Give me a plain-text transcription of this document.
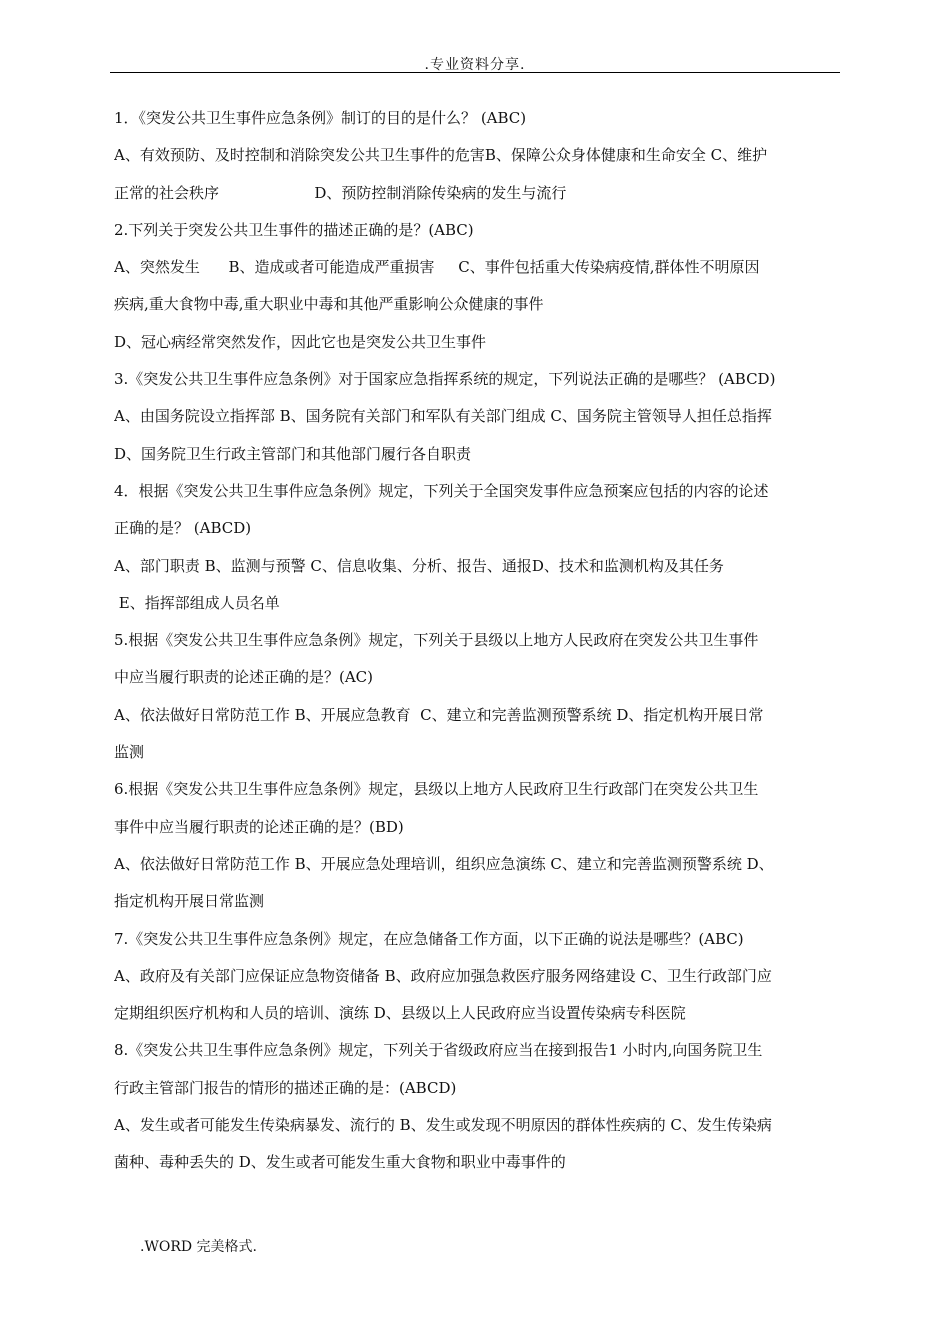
.专业资料分享.
1．《突发公共卫生事件应急条例》制订的目的是什么？ (ABC)
A、有效预防、及时控制和消除突发公共卫生事件的危害B、保障公众身体健康和生命安全 C、维护
正常的社会秩序                    D、预防控制消除传染病的发生与流行
2.下列关于突发公共卫生事件的描述正确的是？(ABC)
A、突然发生      B、造成或者可能造成严重损害     C、事件包括重大传染病疫情,群体性不明原因
疾病,重大食物中毒,重大职业中毒和其他严重影响公众健康的事件
D、冠心病经常突然发作，因此它也是突发公共卫生事件
3.《突发公共卫生事件应急条例》对于国家应急指挥系统的规定，下列说法正确的是哪些？ (ABCD)
A、由国务院设立指挥部 B、国务院有关部门和军队有关部门组成 C、国务院主管领导人担任总指挥
D、国务院卫生行政主管部门和其他部门履行各自职责
4．根据《突发公共卫生事件应急条例》规定，下列关于全国突发事件应急预案应包括的内容的论述
正确的是？ (ABCD)
A、部门职责 B、监测与预警 C、信息收集、分析、报告、通报D、技术和监测机构及其任务
E、指挥部组成人员名单
5.根据《突发公共卫生事件应急条例》规定，下列关于县级以上地方人民政府在突发公共卫生事件
中应当履行职责的论述正确的是？(AC)
A、依法做好日常防范工作 B、开展应急教育  C、建立和完善监测预警系统 D、指定机构开展日常
监测
6.根据《突发公共卫生事件应急条例》规定，县级以上地方人民政府卫生行政部门在突发公共卫生
事件中应当履行职责的论述正确的是？(BD)
A、依法做好日常防范工作 B、开展应急处理培训，组织应急演练 C、建立和完善监测预警系统 D、
指定机构开展日常监测
7.《突发公共卫生事件应急条例》规定，在应急储备工作方面，以下正确的说法是哪些？(ABC)
A、政府及有关部门应保证应急物资储备 B、政府应加强急救医疗服务网络建设 C、卫生行政部门应
定期组织医疗机构和人员的培训、演练 D、县级以上人民政府应当设置传染病专科医院
8.《突发公共卫生事件应急条例》规定，下列关于省级政府应当在接到报告1 小时内,向国务院卫生
行政主管部门报告的情形的描述正确的是：(ABCD)
A、发生或者可能发生传染病暴发、流行的 B、发生或发现不明原因的群体性疾病的 C、发生传染病
菌种、毒种丢失的 D、发生或者可能发生重大食物和职业中毒事件的
.WORD 完美格式.
